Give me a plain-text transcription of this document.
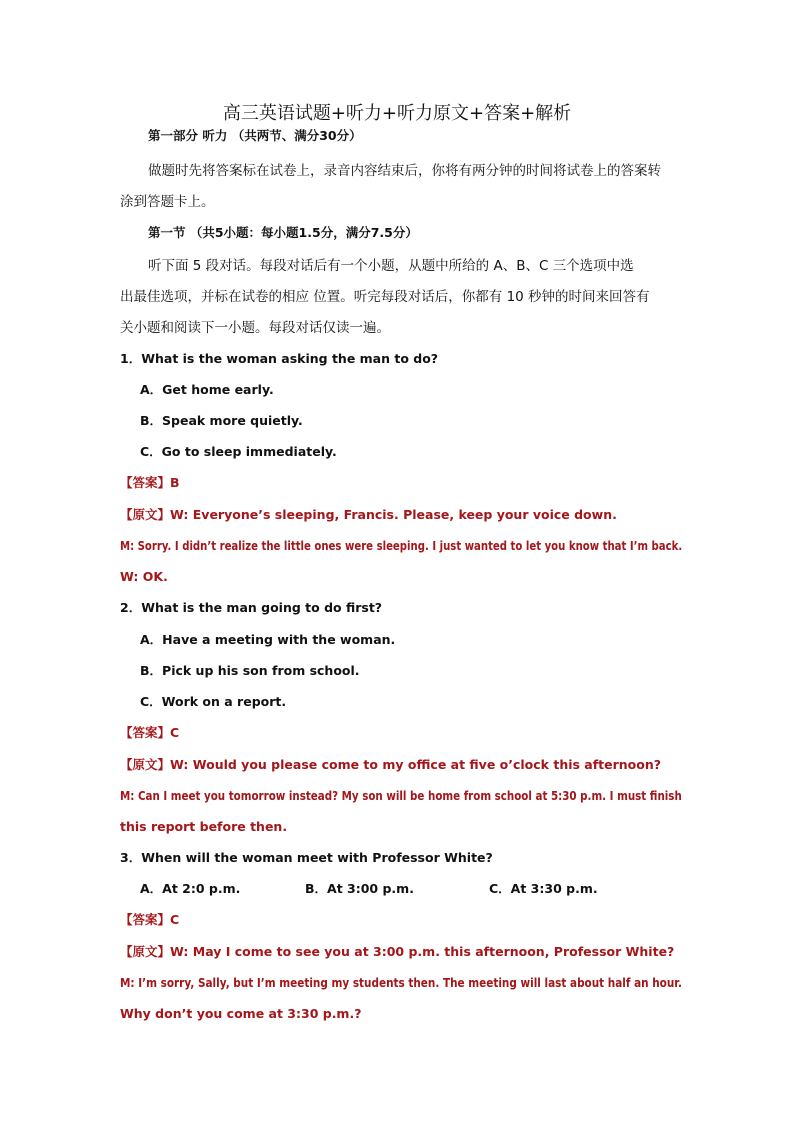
高三英语试题+听力+听力原文+答案+解析
第一部分 听力 （共两节、满分30分）
做题时先将答案标在试卷上，录音内容结束后，你将有两分钟的时间将试卷上的答案转
涂到答题卡上。
第一节 （共5小题：每小题1.5分，满分7.5分）
听下面 5 段对话。每段对话后有一个小题，从题中所给的 A、B、C 三个选项中选
出最佳选项，并标在试卷的相应 位置。听完每段对话后，你都有 10 秒钟的时间来回答有
关小题和阅读下一小题。每段对话仅读一遍。
1．What is the woman asking the man to do?
A．Get home early.
B．Speak more quietly.
C．Go to sleep immediately.
【答案】B
【原文】W: Everyone’s sleeping, Francis. Please, keep your voice down.
M: Sorry. I didn’t realize the little ones were sleeping. I just wanted to let you know that I’m back.
W: OK.
2．What is the man going to do first?
A．Have a meeting with the woman.
B．Pick up his son from school.
C．Work on a report.
【答案】C
【原文】W: Would you please come to my office at five o’clock this afternoon?
M: Can I meet you tomorrow instead? My son will be home from school at 5:30 p.m. I must finish
this report before then.
3．When will the woman meet with Professor White?
A．At 2:0 p.m.	B．At 3:00 p.m.	C．At 3:30 p.m.
【答案】C
【原文】W: May I come to see you at 3:00 p.m. this afternoon, Professor White?
M: I’m sorry, Sally, but I’m meeting my students then. The meeting will last about half an hour.
Why don’t you come at 3:30 p.m.?
